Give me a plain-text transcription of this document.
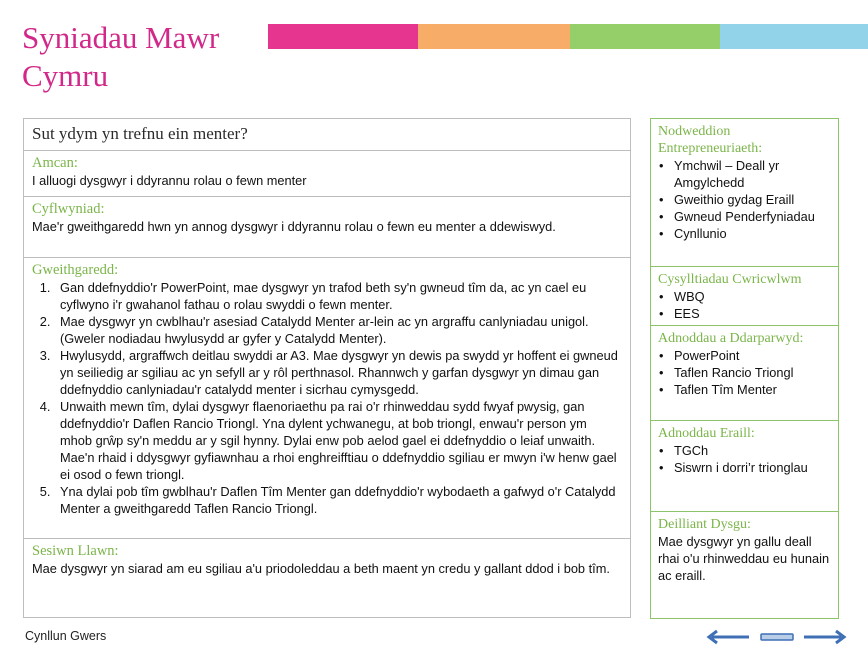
Syniadau Mawr
Cymru
Sut ydym yn trefnu ein menter?
Amcan:
I alluogi dysgwyr i ddyrannu rolau o fewn menter
Cyflwyniad:
Mae'r gweithgaredd hwn yn annog dysgwyr i ddyrannu rolau o fewn eu menter a ddewiswyd.
Gweithgaredd:
1. Gan ddefnyddio'r PowerPoint, mae dysgwyr yn trafod beth sy'n gwneud tîm da, ac yn cael eu cyflwyno i'r gwahanol fathau o rolau swyddi o fewn menter.
2. Mae dysgwyr yn cwblhau'r asesiad Catalydd Menter ar-lein ac yn argraffu canlyniadau unigol. (Gweler nodiadau hwylusydd ar gyfer y Catalydd Menter).
3. Hwylusydd, argraffwch deitlau swyddi ar A3. Mae dysgwyr yn dewis pa swydd yr hoffent ei gwneud yn seiliedig ar sgiliau ac yn sefyll ar y rôl perthnasol. Rhannwch y garfan dysgwyr yn dimau gan ddefnyddio canlyniadau'r catalydd menter i sicrhau cymysgedd.
4. Unwaith mewn tîm, dylai dysgwyr flaenoriaethu pa rai o'r rhinweddau sydd fwyaf pwysig, gan ddefnyddio'r Daflen Rancio Triongl. Yna dylent ychwanegu, at bob triongl, enwau'r person ym mhob grŵp sy'n meddu ar y sgil hynny. Dylai enw pob aelod gael ei ddefnyddio o leiaf unwaith. Mae'n rhaid i ddysgwyr gyfiawnhau a rhoi enghreifftiau o ddefnyddio sgiliau er mwyn i'w henw gael ei osod o fewn triongl.
5. Yna dylai pob tîm gwblhau'r Daflen Tîm Menter gan ddefnyddio'r wybodaeth a gafwyd o'r Catalydd Menter a gweithgaredd Taflen Rancio Triongl.
Sesiwn Llawn:
Mae dysgwyr yn siarad am eu sgiliau a'u priodoleddau a beth maent yn credu y gallant ddod i bob tîm.
Nodweddion Entrepreneuriaeth:
• Ymchwil – Deall yr Amgylchedd
• Gweithio gydag Eraill
• Gwneud Penderfyniadau
• Cynllunio
Cysylltiadau Cwricwlwm
• WBQ
• EES
Adnoddau a Ddarparwyd:
• PowerPoint
• Taflen Rancio Triongl
• Taflen Tîm Menter
Adnoddau Eraill:
• TGCh
• Siswrn i dorri’r trionglau
Deilliant Dysgu:
Mae dysgwyr yn gallu deall rhai o'u rhinweddau eu hunain ac eraill.
Cynllun Gwers
